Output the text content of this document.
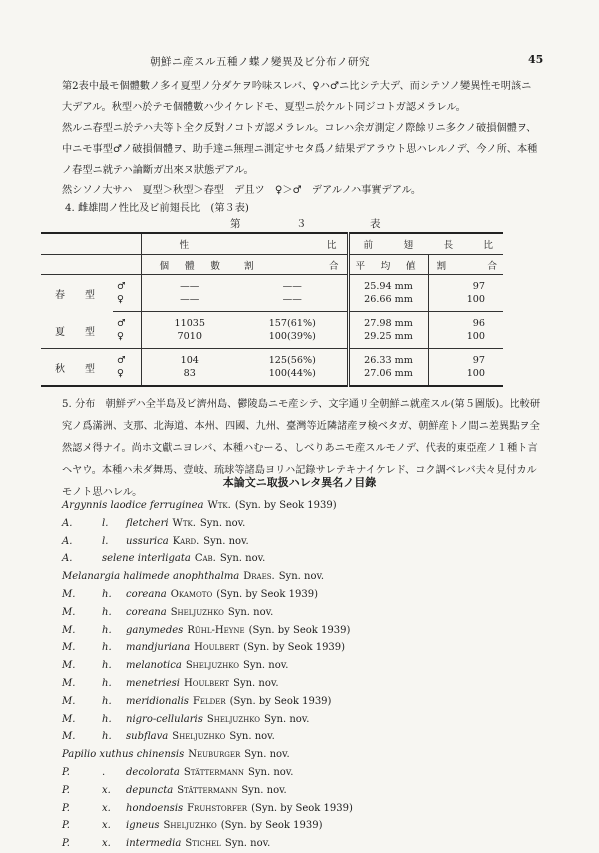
朝鮮ニ産スル五種ノ蝶ノ變異及ビ分布ノ研究	45

第2表中最モ個體數ノ多イ夏型ノ分ダケヲ吟味スレバ、♀ハ♂ニ比シテ大デ、而シテソノ變異性モ明該ニ大デアル。秋型ハ於テモ個體數ハ少イケレドモ、夏型ニ於ケルト同ジコトガ認メラレル。

然ルニ春型ニ於テハ夫等ト全ク反對ノコトガ認メラレル。コレハ余ガ測定ノ際餘リニ多クノ破損個體ヲ、中ニモ事型♂ノ破損個體ヲ、助手達ニ無理ニ測定サセタ爲ノ結果デアラウト思ハレルノデ、今ノ所、本種ノ春型ニ就テハ論斷ガ出來ヌ狀態デアル。

然シソノ大サハ　夏型＞秋型＞春型　デ且ツ　♀＞♂　デアルノハ事實デアル。

4. 雌雄間ノ性比及ビ前翅長比　(第３表)
第	３	表

		性 比		前 翅 長 比	

		個 體 數	割 合	平 均 値	割 合

春　　型	♂	——	——	25.94 mm	97
	♀	——	——	26.66 mm	100
夏　　型	♂	11035	157(61%)	27.98 mm	96
	♀	7010	100(39%)	29.25 mm	100
秋　　型	♂	104	125(56%)	26.33 mm	97
	♀	83	100(44%)	27.06 mm	100

5. 分布　朝鮮デハ全半島及ビ濟州島、鬱陵島ニモ産シテ、文字通リ全朝鮮ニ就産スル(第５圖版)。比較研究ノ爲滿洲、支那、北海道、本州、四國、九州、臺灣等近隣諸産ヲ検ベタガ、朝鮮産トノ間ニ差異點ヲ全然認メ得ナイ。尚ホ文獻ニヨレバ、本種ハむーる、しべりあニモ産スルモノデ、代表的東亞産ノ１種ト言ヘヤウ。本種ハ未ダ舞馬、壹岐、琉球等諸島ヨリハ記錄サレテキナイケレド、コク調ベレバ夫々見付カルモノト思ハレル。

本論文ニ取扱ハレタ異名ノ目錄
Argynnis laodice ferruginea Wtk. (Syn. by Seok 1939)
A.	l. fletcheri Wtk. Syn. nov.
A.	l. ussurica Kard. Syn. nov.
A.	selene interligata Cab. Syn. nov.
Melanargia halimede anophthalma Draes. Syn. nov.
M.	h. coreana Okamoto (Syn. by Seok 1939)
M.	h. coreana Sheljuzhko Syn. nov.
M.	h. ganymedes Rühl-Heyne (Syn. by Seok 1939)
M.	h. mandjuriana Houlbert (Syn. by Seok 1939)
M.	h. melanotica Sheljuzhko Syn. nov.
M.	h. menetriesi Houlbert Syn. nov.
M.	h. meridionalis Felder (Syn. by Seok 1939)
M.	h. nigro-cellularis Sheljuzhko Syn. nov.
M.	h. subflava Sheljuzhko Syn. nov.
Papilio xuthus chinensis Neuburger Syn. nov.
P.	. decolorata Stättermann Syn. nov.
P.	x. depuncta Stättermann Syn. nov.
P.	x. hondoensis Fruhstorfer (Syn. by Seok 1939)
P.	x. igneus Sheljuzhko (Syn. by Seok 1939)
P.	x. intermedia Stichel Syn. nov.
